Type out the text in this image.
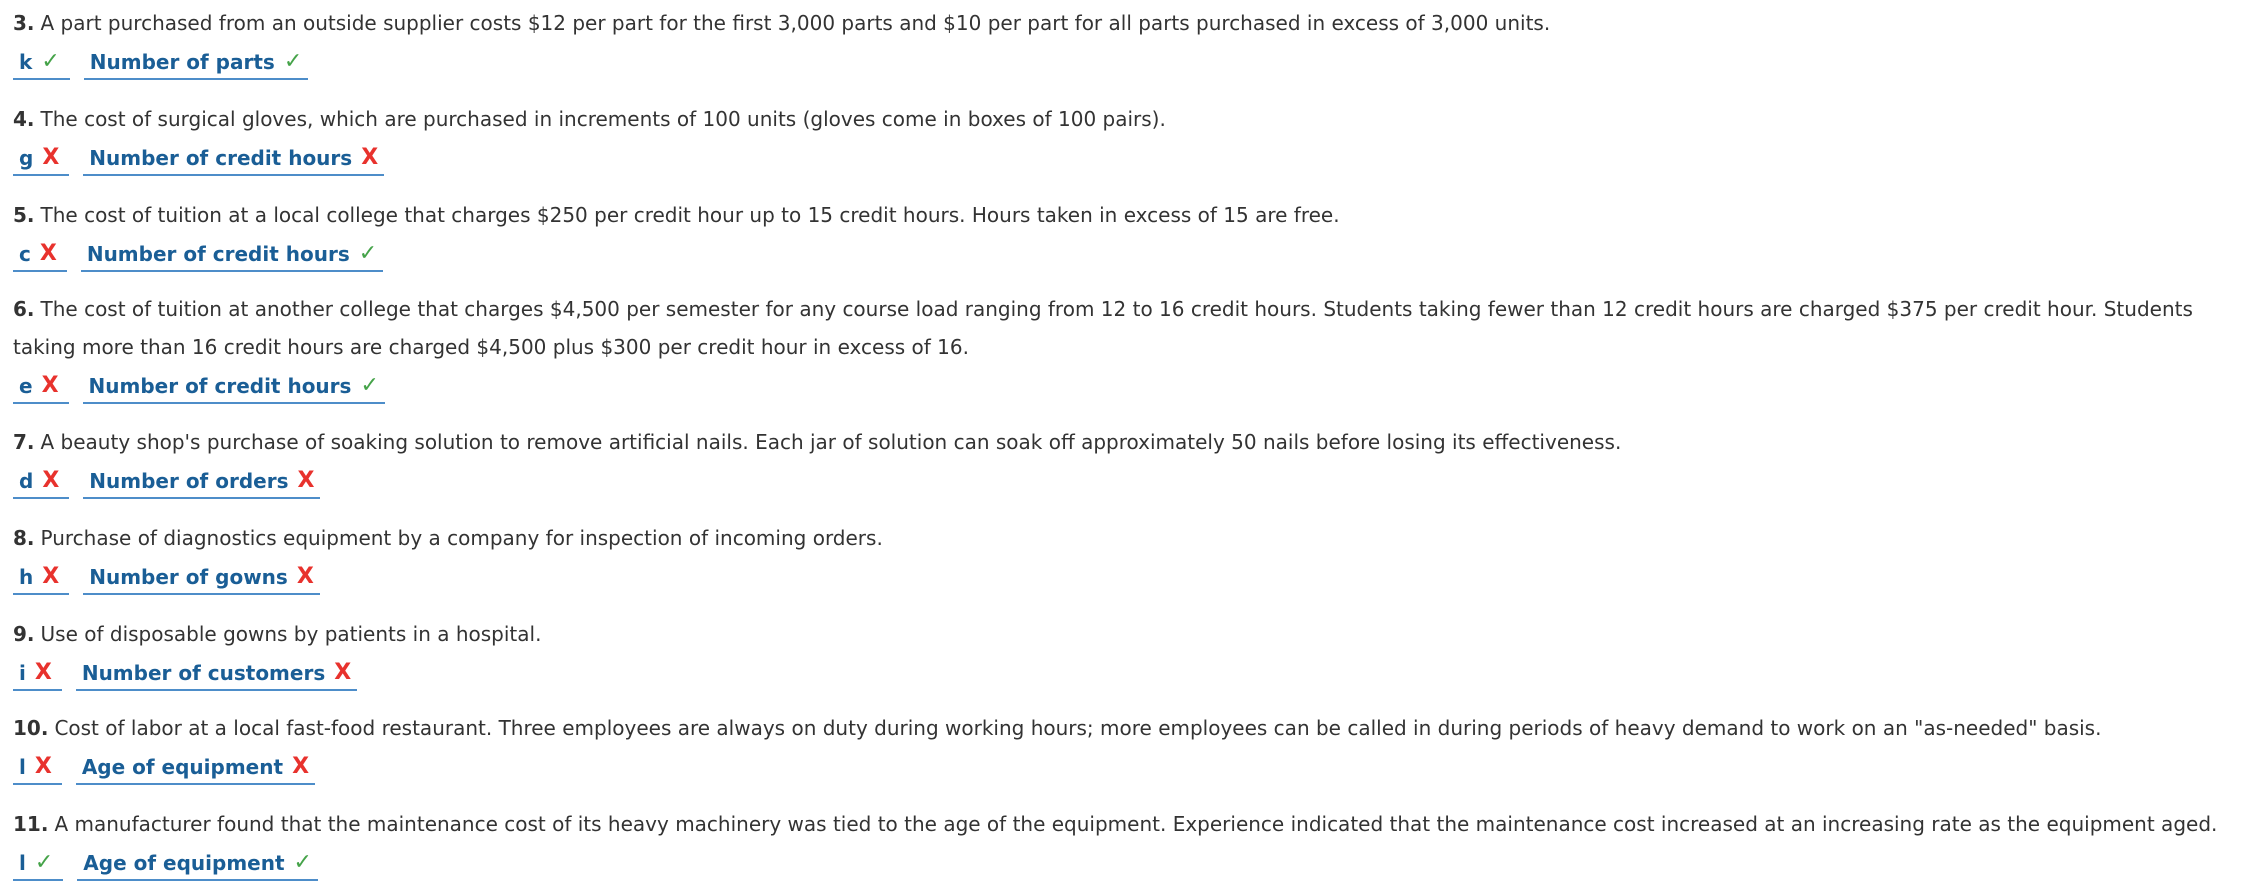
3. A part purchased from an outside supplier costs $12 per part for the first 3,000 parts and $10 per part for all parts purchased in excess of 3,000 units.

k ✓ Number of parts ✓

4. The cost of surgical gloves, which are purchased in increments of 100 units (gloves come in boxes of 100 pairs).

g X Number of credit hours X

5. The cost of tuition at a local college that charges $250 per credit hour up to 15 credit hours. Hours taken in excess of 15 are free.

c X Number of credit hours ✓

6. The cost of tuition at another college that charges $4,500 per semester for any course load ranging from 12 to 16 credit hours. Students taking fewer than 12 credit hours are charged $375 per credit hour. Students taking more than 16 credit hours are charged $4,500 plus $300 per credit hour in excess of 16.

e X Number of credit hours ✓

7. A beauty shop's purchase of soaking solution to remove artificial nails. Each jar of solution can soak off approximately 50 nails before losing its effectiveness.

d X Number of orders X

8. Purchase of diagnostics equipment by a company for inspection of incoming orders.

h X Number of gowns X

9. Use of disposable gowns by patients in a hospital.

i X Number of customers X

10. Cost of labor at a local fast-food restaurant. Three employees are always on duty during working hours; more employees can be called in during periods of heavy demand to work on an "as-needed" basis.

l X Age of equipment X

11. A manufacturer found that the maintenance cost of its heavy machinery was tied to the age of the equipment. Experience indicated that the maintenance cost increased at an increasing rate as the equipment aged.

l ✓ Age of equipment ✓
